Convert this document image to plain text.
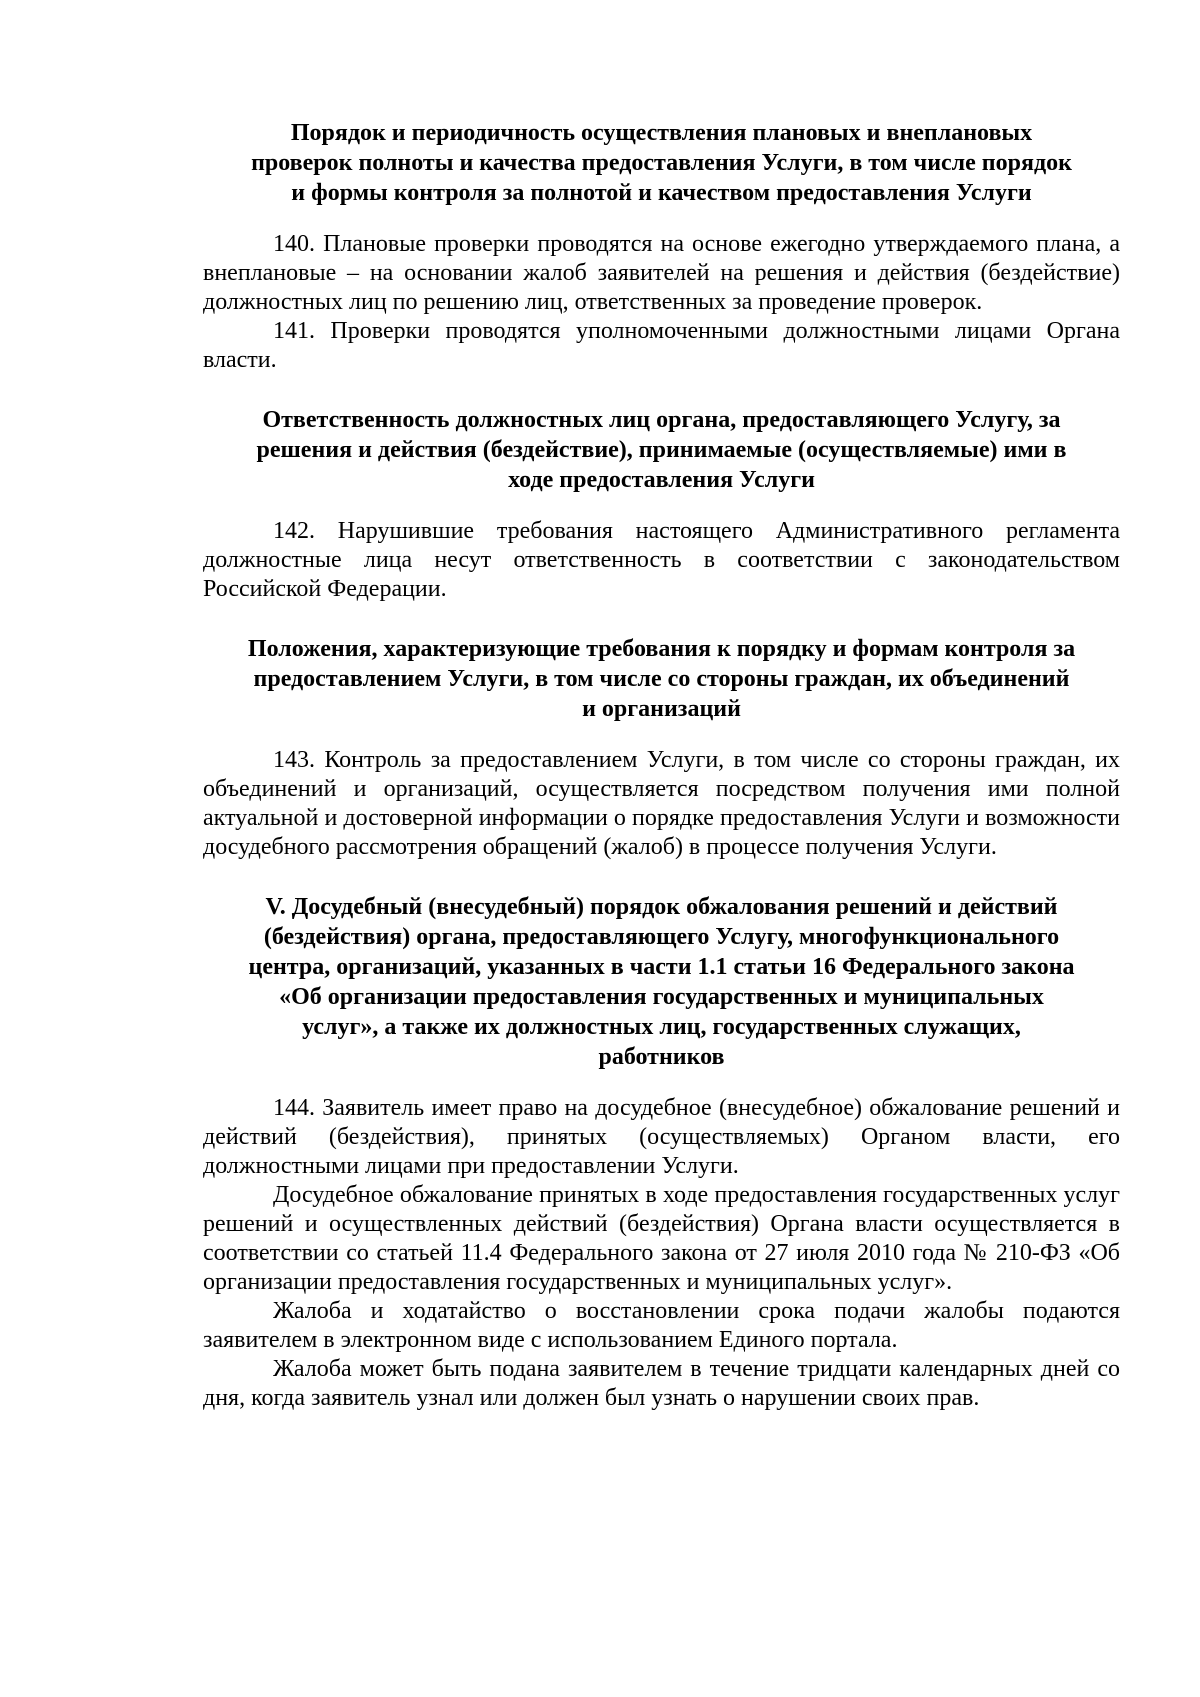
Порядок и периодичность осуществления плановых и внеплановых
проверок полноты и качества предоставления Услуги, в том числе порядок
и формы контроля за полнотой и качеством предоставления Услуги

140. Плановые проверки проводятся на основе ежегодно утверждаемого плана, а внеплановые – на основании жалоб заявителей на решения и действия (бездействие) должностных лиц по решению лиц, ответственных за проведение проверок.

141. Проверки проводятся уполномоченными должностными лицами Органа власти.

Ответственность должностных лиц органа, предоставляющего Услугу, за
решения и действия (бездействие), принимаемые (осуществляемые) ими в
ходе предоставления Услуги

142. Нарушившие требования настоящего Административного регламента должностные лица несут ответственность в соответствии с законодательством Российской Федерации.

Положения, характеризующие требования к порядку и формам контроля за
предоставлением Услуги, в том числе со стороны граждан, их объединений
и организаций

143. Контроль за предоставлением Услуги, в том числе со стороны граждан, их объединений и организаций, осуществляется посредством получения ими полной актуальной и достоверной информации о порядке предоставления Услуги и возможности досудебного рассмотрения обращений (жалоб) в процессе получения Услуги.

V. Досудебный (внесудебный) порядок обжалования решений и действий
(бездействия) органа, предоставляющего Услугу, многофункционального
центра, организаций, указанных в части 1.1 статьи 16 Федерального закона
«Об организации предоставления государственных и муниципальных
услуг», а также их должностных лиц, государственных служащих,
работников

144. Заявитель имеет право на досудебное (внесудебное) обжалование решений и действий (бездействия), принятых (осуществляемых) Органом власти, его должностными лицами при предоставлении Услуги.

Досудебное обжалование принятых в ходе предоставления государственных услуг решений и осуществленных действий (бездействия) Органа власти осуществляется в соответствии со статьей 11.4 Федерального закона от 27 июля 2010 года № 210-ФЗ «Об организации предоставления государственных и муниципальных услуг».

Жалоба и ходатайство о восстановлении срока подачи жалобы подаются заявителем в электронном виде с использованием Единого портала.

Жалоба может быть подана заявителем в течение тридцати календарных дней со дня, когда заявитель узнал или должен был узнать о нарушении своих прав.
